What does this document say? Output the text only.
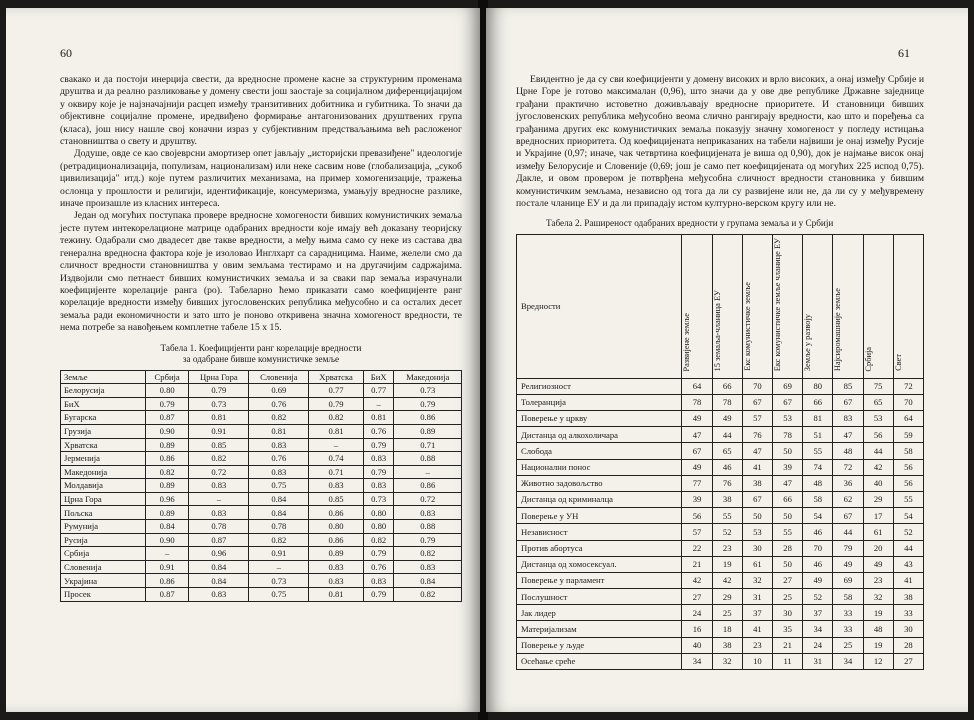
60

свакако и да постоји инерција свести, да вредносне промене касне за структурним променама друштва и да реално разликовање у домену свести још заостаје за социјалном диференцијацијом у оквиру које је најзначајнији расцеп између транзитивних добитника и губитника. То значи да објективне социјалне промене, иредвиђено формирање антагонизованих друштвених група (класа), још нису нашле свој коначни израз у субјективним предстваљањима већ расложеног становништва о свету и друштву.

Додуше, овде се као својеврсни амортизер опет јављају „историјски превазиђене" идеологије (ретрадиционализација, популизам, национализам) или неке сасвим нове (глобализација, „сукоб цивилизација" итд.) које путем различитих механизама, на пример хомогенизације, тражења ослонца у прошлости и религији, идентификације, консумеризма, умањују вредносне разлике, иначе произашле из класних интереса.

Један од могућих поступака провере вредносне хомогености бивших комунистичких земаља јесте путем интекорелационе матрице одабраних вредности које имају већ доказану теоријску тежину. Одабрали смо двадесет две такве вредности, а међу њима само су неке из састава два генерална вредносна фактора које је изоловао Инглхарт са сарадницима. Наиме, желели смо да сличност вредности становништва у овим земљама тестирамо и на другачијим садржајима. Издвојили смо петнаест бивших комунистичких земаља и за сваки пар земаља израчунали коефицијенте корелације ранга (ро). Табеларно ћемо приказати само коефицијенте ранг корелације вредности између бивших југословенских република међусобно и са осталих десет земаља ради економичности и зато што је поново откривена значна хомогеност вредности, те нема потребе за навођењем комплетне табеле 15 х 15.

Табела 1. Коефицијенти ранг корелације вредности
за одабране бивше комунистичке земље
Земље	Србија	Црна Гора	Словенија	Хрватска	БиХ	Македонија
Белорусија	0.80	0.79	0.69	0.77	0.77	0.73
БиХ	0.79	0.73	0.76	0.79	–	0.79
Бугарска	0.87	0.81	0.82	0.82	0.81	0.86
Грузија	0.90	0.91	0.81	0.81	0.76	0.89
Хрватска	0.89	0.85	0.83	–	0.79	0.71
Јерменија	0.86	0.82	0.76	0.74	0.83	0.88
Македонија	0.82	0.72	0.83	0.71	0.79	–
Молдавија	0.89	0.83	0.75	0.83	0.83	0.86
Црна Гора	0.96	–	0.84	0.85	0.73	0.72
Пољска	0.89	0.83	0.84	0.86	0.80	0.83
Румунија	0.84	0.78	0.78	0.80	0.80	0.88
Русија	0.90	0.87	0.82	0.86	0.82	0.79
Србија	–	0.96	0.91	0.89	0.79	0.82
Словенија	0.91	0.84	–	0.83	0.76	0.83
Украјина	0.86	0.84	0.73	0.83	0.83	0.84
Просек	0.87	0.83	0.75	0.81	0.79	0.82
61

Евидентно је да су сви коефицијенти у домену високих и врло високих, а онај између Србије и Црне Горе је готово максималан (0,96), што значи да у ове две републике Државне заједнице грађани практично истоветно доживљавају вредносне приоритете. И становници бивших југословенских република међусобно веома слично рангирају вредности, као што и поређења са грађанима других екс комунистичких земаља показују значну хомогеност у погледу истицања вредносних приоритета. Од коефицијената неприказаних на табели највиши је онај између Русије и Украјине (0,97; иначе, чак четвртина коефицијената је виша од 0,90), док је најмање висок онај између Белорусије и Словеније (0,69; још је само пет коефицијената од могућих 225 испод 0,75). Дакле, и овом провером је потврђена међусобна сличност вредности становника у бившим комунистичким земљама, независно од тога да ли су развијене или не, да ли су у међувремену постале чланице ЕУ и да ли припадају истом културно-верском кругу или не.

Табела 2. Раширеност одабраних вредности у групама земаља и у Србији
Вредности	Развијене земље	15 земаља-чланица ЕУ	Екс комунистичке земље	Екс комунистичке земље чланице ЕУ	Земље у развоју	Најсиромашније земље	Србија	Свет
Религиозност	64	66	70	69	80	85	75	72
Толеранција	78	78	67	67	66	67	65	70
Поверење у цркву	49	49	57	53	81	83	53	64
Дистанца од алкохоличара	47	44	76	78	51	47	56	59
Слобода	67	65	47	50	55	48	44	58
Национални понос	49	46	41	39	74	72	42	56
Животно задовољство	77	76	38	47	48	36	40	56
Дистанца од криминалца	39	38	67	66	58	62	29	55
Поверење у УН	56	55	50	50	54	67	17	54
Независност	57	52	53	55	46	44	61	52
Против абортуса	22	23	30	28	70	79	20	44
Дистанца од хомосексуал.	21	19	61	50	46	49	49	43
Поверење у парламент	42	42	32	27	49	69	23	41
Послушност	27	29	31	25	52	58	32	38
Јак лидер	24	25	37	30	37	33	19	33
Материјализам	16	18	41	35	34	33	48	30
Поверење у људе	40	38	23	21	24	25	19	28
Осећање среће	34	32	10	11	31	34	12	27
